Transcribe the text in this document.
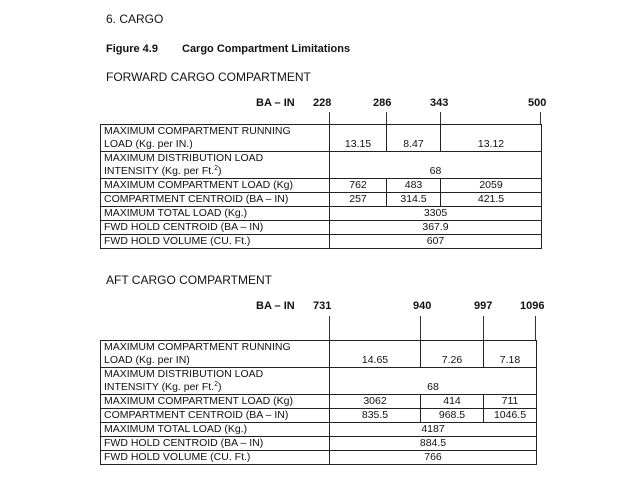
6. CARGO
Figure 4.9 Cargo Compartment Limitations
FORWARD CARGO COMPARTMENT
BA – IN 228	286	343	500
MAXIMUM COMPARTMENT RUNNING
LOAD (Kg. per IN.)	13.15	8.47	13.12

MAXIMUM DISTRIBUTION LOAD
INTENSITY (Kg. per Ft.$^2$)	68		
MAXIMUM COMPARTMENT LOAD (Kg)	762	483	2059
COMPARTMENT CENTROID (BA – IN)	257	314.5	421.5
MAXIMUM TOTAL LOAD (Kg.)	3305		
FWD HOLD CENTROID (BA – IN)	367.9		
FWD HOLD VOLUME (CU. Ft.)	607		
AFT CARGO COMPARTMENT
BA – IN 731	940	997	1096
MAXIMUM COMPARTMENT RUNNING
LOAD (Kg. per IN)	14.65	7.26	7.18

MAXIMUM DISTRIBUTION LOAD
INTENSITY (Kg. per Ft.$^2$)	68		
MAXIMUM COMPARTMENT LOAD (Kg)	3062	414	711
COMPARTMENT CENTROID (BA – IN)	835.5	968.5	1046.5
MAXIMUM TOTAL LOAD (Kg.)	4187		
FWD HOLD CENTROID (BA – IN)	884.5		
FWD HOLD VOLUME (CU. Ft.)	766		
